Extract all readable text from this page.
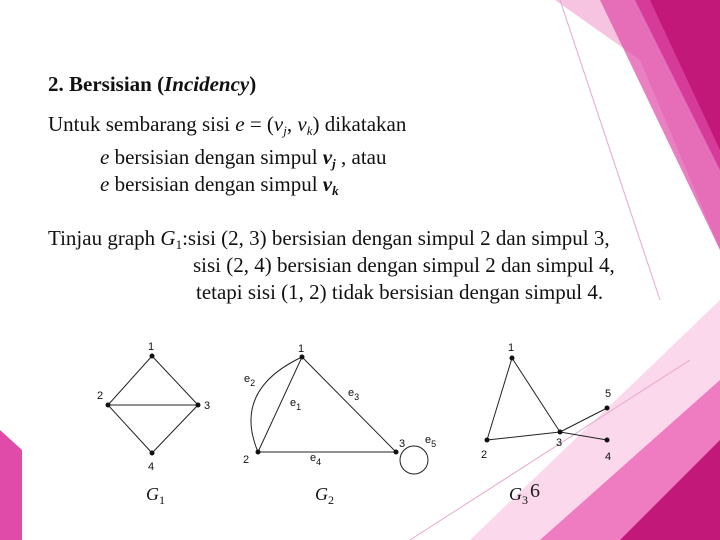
2. Bersisian (Incidency)
Untuk sembarang sisi $e = (v_j$, $v_k$) dikatakan
e bersisian dengan simpul $v_j$ , atau
e bersisian dengan simpul $v_k$
Tinjau graph $G_1:sisi$ (2, 3) bersisian dengan simpul 2 dan simpul 3,
sisi (2, 4) bersisian dengan simpul 2 dan simpul 4,
tetapi sisi (1, 2) tidak bersisian dengan simpul 4.
1
2
3
4
$G_1$
1
2
3
$e_2$
$e_1$
$e_3$
$e_4$
$e_5$
$G_2$
1
2
3
4
5
$G_3$ 6
